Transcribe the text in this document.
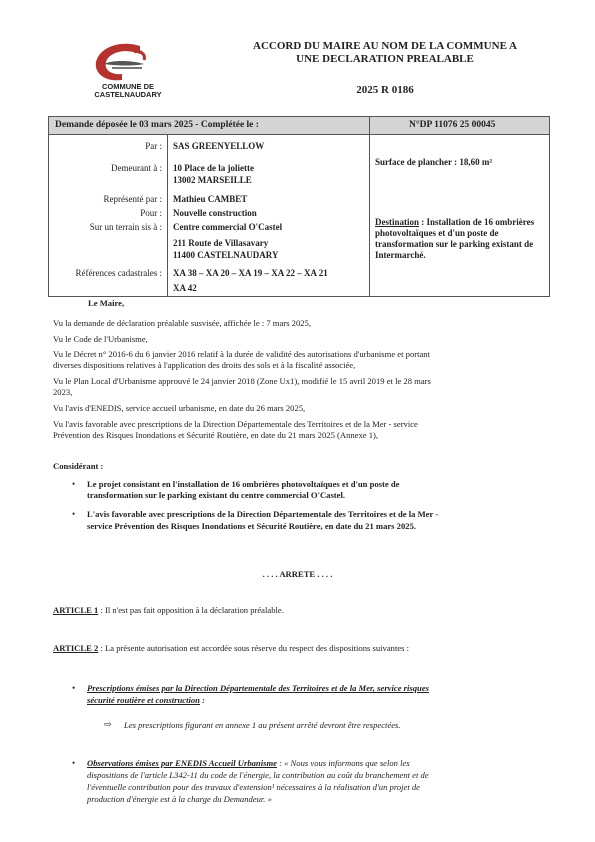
COMMUNE DE
CASTELNAUDARY
ACCORD DU MAIRE AU NOM DE LA COMMUNE A
UNE DECLARATION PREALABLE
2025 R 0186
Demande déposée le 03 mars 2025 - Complétée le :	N°DP 11076 25 00045
Par : SAS GREENYELLOW
Demeurant à : 10 Place de la joliette
13002 MARSEILLE
Représenté par : Mathieu CAMBET
Pour : Nouvelle construction
Sur un terrain sis à : Centre commercial O'Castel
211 Route de Villasavary
11400 CASTELNAUDARY
Références cadastrales : XA 38 – XA 20 – XA 19 – XA 22 – XA 21
XA 42
Surface de plancher : 18,60 m²
Destination : Installation de 16 ombrières photovoltaïques et d'un poste de transformation sur le parking existant de Intermarché.
Le Maire,
Vu la demande de déclaration préalable susvisée, affichée le : 7 mars 2025,
Vu le Code de l'Urbanisme,
Vu le Décret n° 2016-6 du 6 janvier 2016 relatif à la durée de validité des autorisations d'urbanisme et portant
diverses dispositions relatives à l'application des droits des sols et à la fiscalité associée,
Vu le Plan Local d'Urbanisme approuvé le 24 janvier 2018 (Zone Ux1), modifié le 15 avril 2019 et le 28 mars
2023,
Vu l'avis d'ENEDIS, service accueil urbanisme, en date du 26 mars 2025,
Vu l'avis favorable avec prescriptions de la Direction Départementale des Territoires et de la Mer - service
Prévention des Risques Inondations et Sécurité Routière, en date du 21 mars 2025 (Annexe 1),
Considérant :
• Le projet consistant en l'installation de 16 ombrières photovoltaïques et d'un poste de
transformation sur le parking existant du centre commercial O'Castel.
• L'avis favorable avec prescriptions de la Direction Départementale des Territoires et de la Mer -
service Prévention des Risques Inondations et Sécurité Routière, en date du 21 mars 2025.
. . . . ARRETE . . . .
ARTICLE 1 : Il n'est pas fait opposition à la déclaration préalable.
ARTICLE 2 : La présente autorisation est accordée sous réserve du respect des dispositions suivantes :
• Prescriptions émises par la Direction Départementale des Territoires et de la Mer, service risques
sécurité routière et construction :
⇨ Les prescriptions figurant en annexe 1 au présent arrêté devront être respectées.
• Observations émises par ENEDIS Accueil Urbanisme : « Nous vous informons que selon les
dispositions de l'article L342-11 du code de l'énergie, la contribution au coût du branchement et de
l'éventuelle contribution pour des travaux d'extension¹ nécessaires à la réalisation d'un projet de
production d'énergie est à la charge du Demandeur. »
